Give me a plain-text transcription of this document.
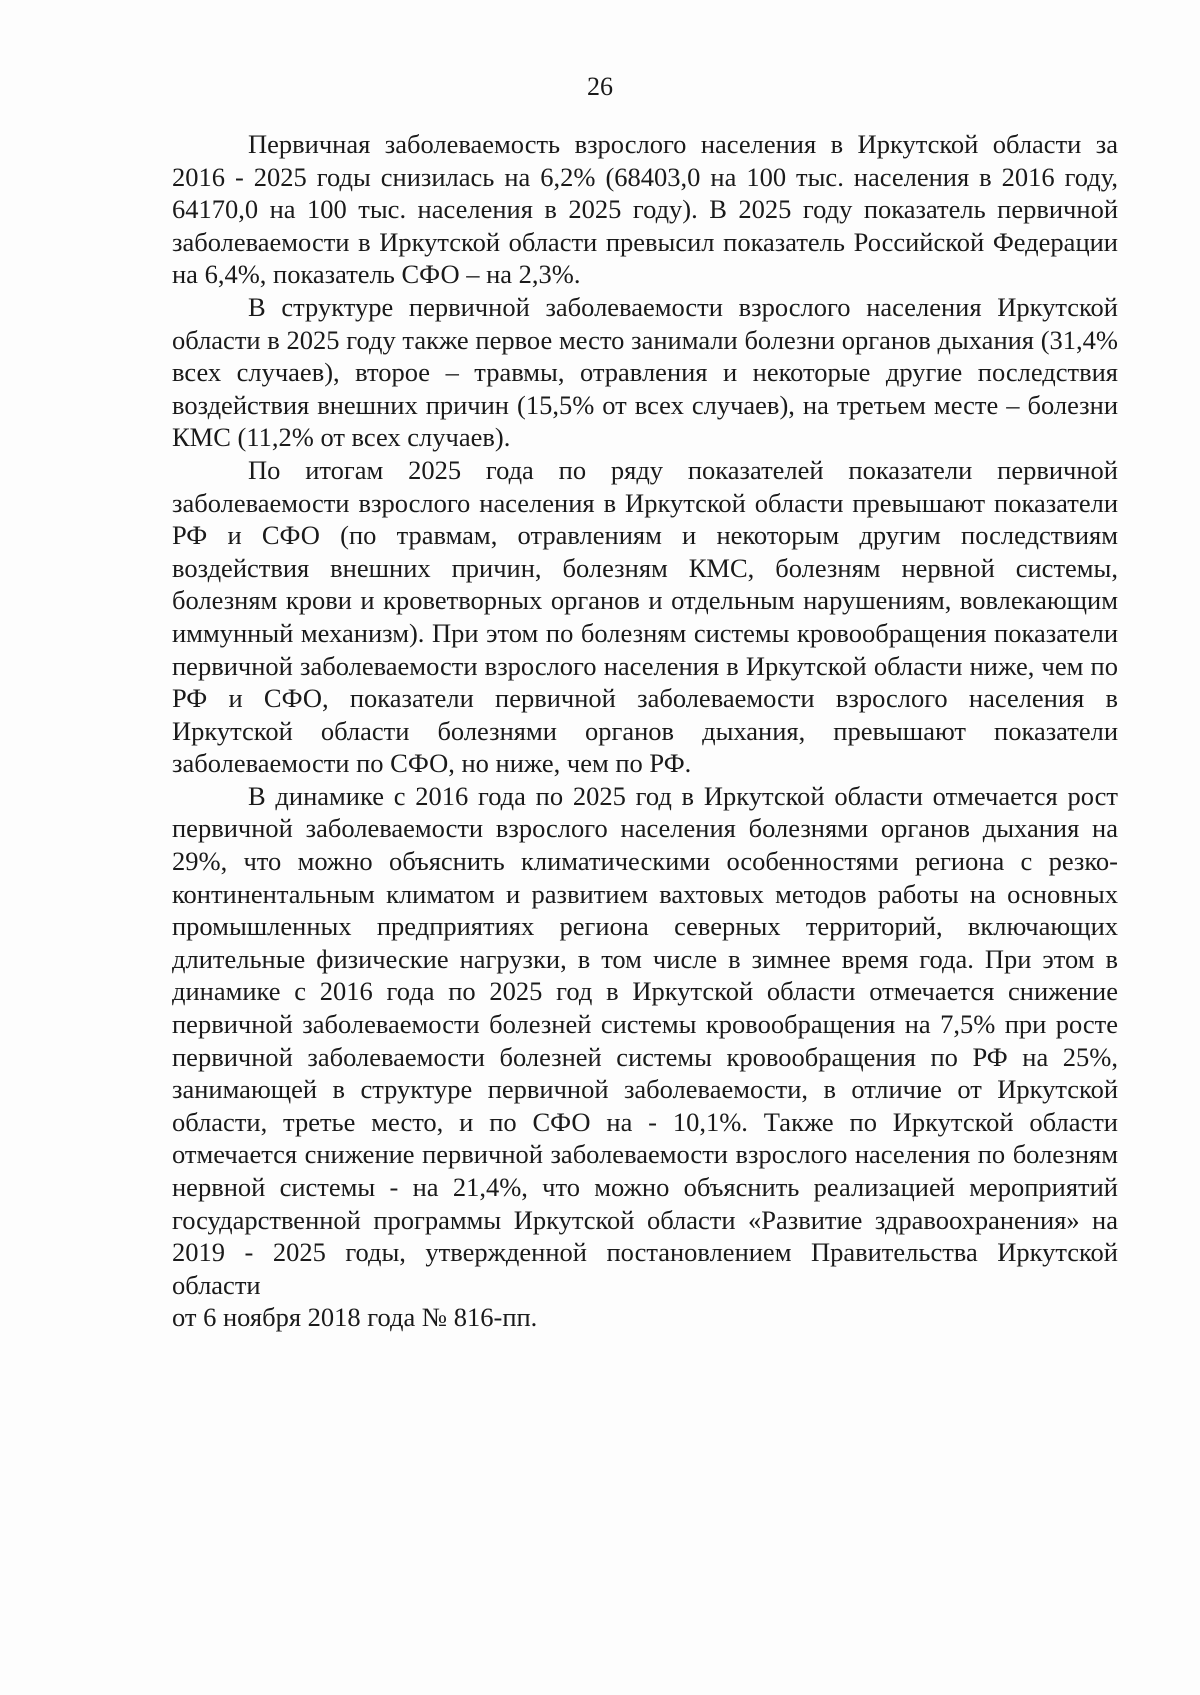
26

Первичная заболеваемость взрослого населения в Иркутской области за 2016 - 2025 годы снизилась на 6,2% (68403,0 на 100 тыс. населения в 2016 году, 64170,0 на 100 тыс. населения в 2025 году). В 2025 году показатель первичной заболеваемости в Иркутской области превысил показатель Российской Федерации на 6,4%, показатель СФО – на 2,3%.

В структуре первичной заболеваемости взрослого населения Иркутской области в 2025 году также первое место занимали болезни органов дыхания (31,4% всех случаев), второе – травмы, отравления и некоторые другие последствия воздействия внешних причин (15,5% от всех случаев), на третьем месте – болезни КМС (11,2% от всех случаев).

По итогам 2025 года по ряду показателей показатели первичной заболеваемости взрослого населения в Иркутской области превышают показатели РФ и СФО (по травмам, отравлениям и некоторым другим последствиям воздействия внешних причин, болезням КМС, болезням нервной системы, болезням крови и кроветворных органов и отдельным нарушениям, вовлекающим иммунный механизм). При этом по болезням системы кровообращения показатели первичной заболеваемости взрослого населения в Иркутской области ниже, чем по РФ и СФО, показатели первичной заболеваемости взрослого населения в Иркутской области болезнями органов дыхания, превышают показатели заболеваемости по СФО, но ниже, чем по РФ.

В динамике с 2016 года по 2025 год в Иркутской области отмечается рост первичной заболеваемости взрослого населения болезнями органов дыхания на 29%, что можно объяснить климатическими особенностями региона с резко-континентальным климатом и развитием вахтовых методов работы на основных промышленных предприятиях региона северных территорий, включающих длительные физические нагрузки, в том числе в зимнее время года. При этом в динамике с 2016 года по 2025 год в Иркутской области отмечается снижение первичной заболеваемости болезней системы кровообращения на 7,5% при росте первичной заболеваемости болезней системы кровообращения по РФ на 25%, занимающей в структуре первичной заболеваемости, в отличие от Иркутской области, третье место, и по СФО на - 10,1%. Также по Иркутской области отмечается снижение первичной заболеваемости взрослого населения по болезням нервной системы - на 21,4%, что можно объяснить реализацией мероприятий государственной программы Иркутской области «Развитие здравоохранения» на 2019 - 2025 годы, утвержденной постановлением Правительства Иркутской области

от 6 ноября 2018 года № 816-пп.
